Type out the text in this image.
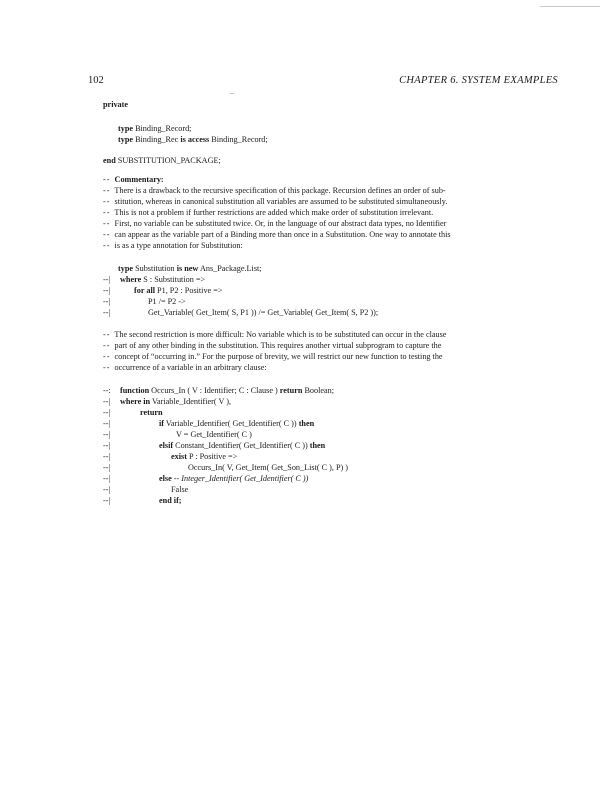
102	CHAPTER 6. SYSTEM EXAMPLES
private
type Binding_Record;
type Binding_Rec is access Binding_Record;
end SUBSTITUTION_PACKAGE;
-- Commentary:
-- There is a drawback to the recursive specification of this package. Recursion defines an order of sub-
-- stitution, whereas in canonical substitution all variables are assumed to be substituted simultaneously.
-- This is not a problem if further restrictions are added which make order of substitution irrelevant.
-- First, no variable can be substituted twice. Or, in the language of our abstract data types, no Identifier
-- can appear as the variable part of a Binding more than once in a Substitution. One way to annotate this
-- is as a type annotation for Substitution:
type Substitution is new Ans_Package.List;
--| where S : Substitution =>
--|	for all P1, P2 : Positive =>
--|	P1 /= P2 ->
--|	Get_Variable( Get_Item( S, P1 )) /= Get_Variable( Get_Item( S, P2 ));
-- The second restriction is more difficult: No variable which is to be substituted can occur in the clause
-- part of any other binding in the substitution. This requires another virtual subprogram to capture the
-- concept of “occurring in.” For the purpose of brevity, we will restrict our new function to testing the
-- occurrence of a variable in an arbitrary clause:
--: function Occurs_In ( V : Identifier; C : Clause ) return Boolean;
--| where in Variable_Identifier( V ),
--|	return
--|	if Variable_Identifier( Get_Identifier( C )) then
--|	V = Get_Identifier( C )
--|	elsif Constant_Identifier( Get_Identifier( C )) then
--|	exist P : Positive =>
--|	Occurs_In( V, Get_Item( Get_Son_List( C ), P) )
--|	else -- Integer_Identifier( Get_Identifier( C ))
--|	False
--|	end if;
